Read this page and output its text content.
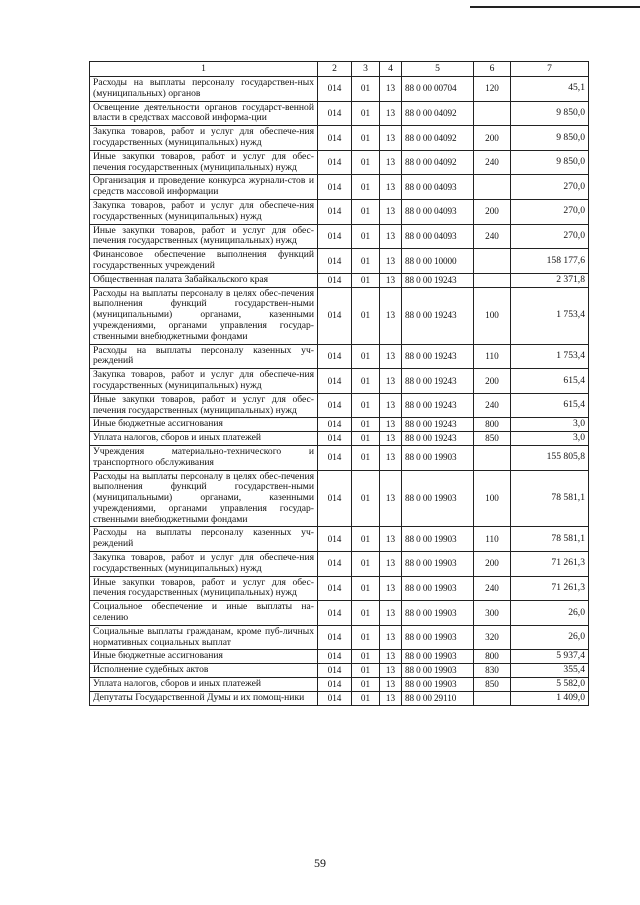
1	2	3	4	5	6	7
Расходы на выплаты персоналу государствен-ных (муниципальных) органов	014	01	13	88 0 00 00704	120	45,1
Освещение деятельности органов государст-венной власти в средствах массовой информа-ции	014	01	13	88 0 00 04092		9 850,0
Закупка товаров, работ и услуг для обеспече-ния государственных (муниципальных) нужд	014	01	13	88 0 00 04092	200	9 850,0
Иные закупки товаров, работ и услуг для обес-печения государственных (муниципальных) нужд	014	01	13	88 0 00 04092	240	9 850,0
Организация и проведение конкурса журнали-стов и средств массовой информации	014	01	13	88 0 00 04093		270,0
Закупка товаров, работ и услуг для обеспече-ния государственных (муниципальных) нужд	014	01	13	88 0 00 04093	200	270,0
Иные закупки товаров, работ и услуг для обес-печения государственных (муниципальных) нужд	014	01	13	88 0 00 04093	240	270,0
Финансовое обеспечение выполнения функций государственных учреждений	014	01	13	88 0 00 10000		158 177,6
Общественная палата Забайкальского края	014	01	13	88 0 00 19243		2 371,8
Расходы на выплаты персоналу в целях обес-печения выполнения функций государствен-ными (муниципальными) органами, казенными учреждениями, органами управления государ-ственными внебюджетными фондами	014	01	13	88 0 00 19243	100	1 753,4
Расходы на выплаты персоналу казенных уч-реждений	014	01	13	88 0 00 19243	110	1 753,4
Закупка товаров, работ и услуг для обеспече-ния государственных (муниципальных) нужд	014	01	13	88 0 00 19243	200	615,4
Иные закупки товаров, работ и услуг для обес-печения государственных (муниципальных) нужд	014	01	13	88 0 00 19243	240	615,4
Иные бюджетные ассигнования	014	01	13	88 0 00 19243	800	3,0
Уплата налогов, сборов и иных платежей	014	01	13	88 0 00 19243	850	3,0
Учреждения материально-технического и транспортного обслуживания	014	01	13	88 0 00 19903		155 805,8
Расходы на выплаты персоналу в целях обес-печения выполнения функций государствен-ными (муниципальными) органами, казенными учреждениями, органами управления государ-ственными внебюджетными фондами	014	01	13	88 0 00 19903	100	78 581,1
Расходы на выплаты персоналу казенных уч-реждений	014	01	13	88 0 00 19903	110	78 581,1
Закупка товаров, работ и услуг для обеспече-ния государственных (муниципальных) нужд	014	01	13	88 0 00 19903	200	71 261,3
Иные закупки товаров, работ и услуг для обес-печения государственных (муниципальных) нужд	014	01	13	88 0 00 19903	240	71 261,3
Социальное обеспечение и иные выплаты на-селению	014	01	13	88 0 00 19903	300	26,0
Социальные выплаты гражданам, кроме пуб-личных нормативных социальных выплат	014	01	13	88 0 00 19903	320	26,0
Иные бюджетные ассигнования	014	01	13	88 0 00 19903	800	5 937,4
Исполнение судебных актов	014	01	13	88 0 00 19903	830	355,4
Уплата налогов, сборов и иных платежей	014	01	13	88 0 00 19903	850	5 582,0
Депутаты Государственной Думы и их помощ-ники	014	01	13	88 0 00 29110		1 409,0
59
